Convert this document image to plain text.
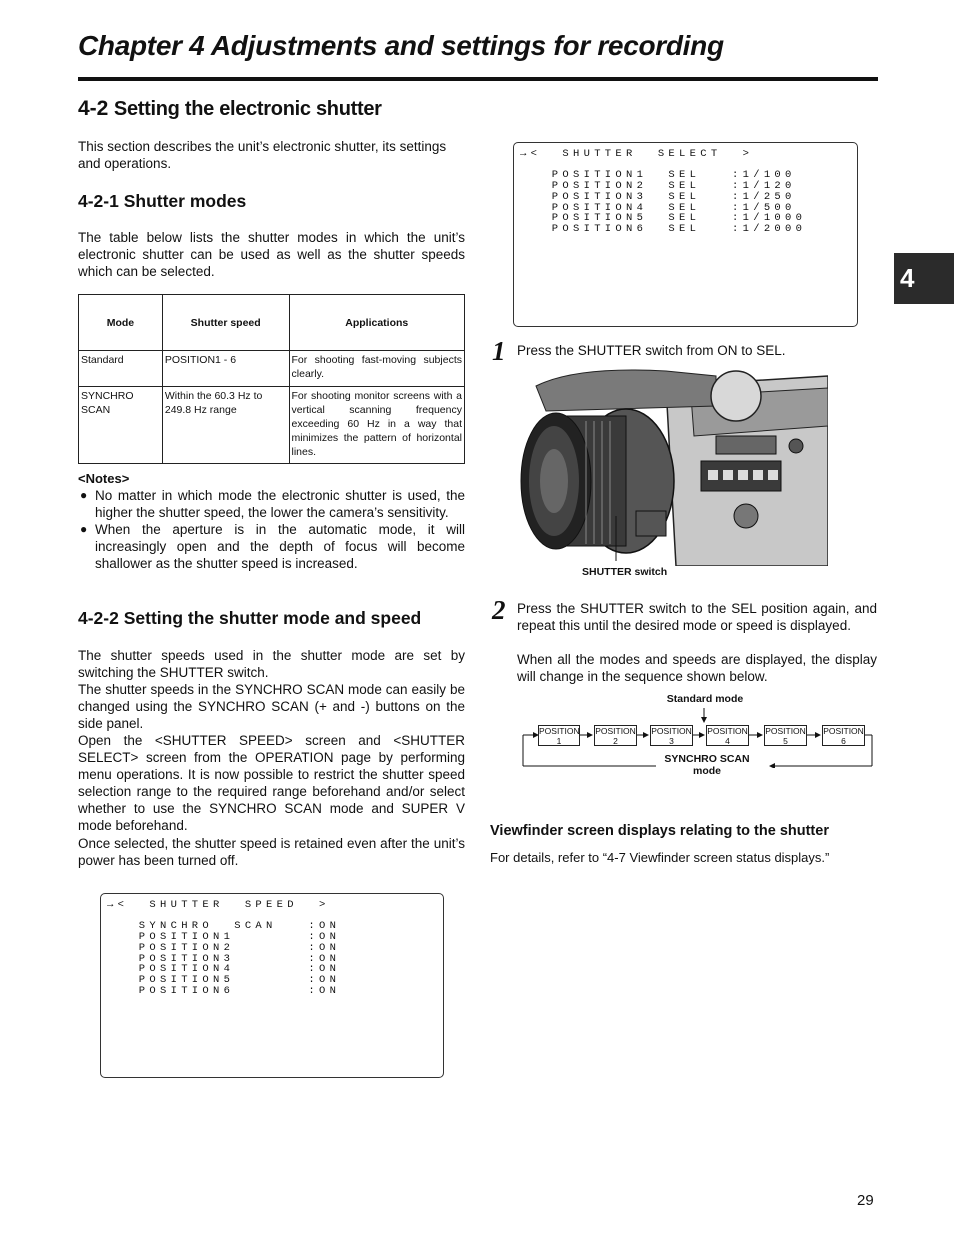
Chapter 4 Adjustments and settings for recording
4
4-2 Setting the electronic shutter
This section describes the unit’s electronic shutter, its settings and operations.
4-2-1 Shutter modes
The table below lists the shutter modes in which the unit’s electronic shutter can be used as well as the shutter speeds which can be selected.
Mode	Shutter speed	Applications
Standard	POSITION1 - 6	For shooting fast-moving subjects clearly.
SYNCHRO SCAN	Within the 60.3 Hz to 249.8 Hz range	For shooting monitor screens with a vertical scanning frequency exceeding 60 Hz in a way that minimizes the pattern of horizontal lines.
<Notes>
● No matter in which mode the electronic shutter is used, the higher the shutter speed, the lower the camera’s sensitivity.
● When the aperture is in the automatic mode, it will increasingly open and the depth of focus will become shallower as the shutter speed is increased.
4-2-2 Setting the shutter mode and speed
The shutter speeds used in the shutter mode are set by switching the SHUTTER switch.
The shutter speeds in the SYNCHRO SCAN mode can easily be changed using the SYNCHRO SCAN (+ and -) buttons on the side panel.
Open the <SHUTTER SPEED> screen and <SHUTTER SELECT> screen from the OPERATION page by performing menu operations. It is now possible to restrict the shutter speed selection range to the required range beforehand and/or select whether to use the SYNCHRO SCAN mode and SUPER V mode beforehand.
Once selected, the shutter speed is retained even after the unit’s power has been turned off.
→<  SHUTTER  SPEED  >

SYNCHRO  SCAN   :ON
POSITION1       :ON
POSITION2       :ON
POSITION3       :ON
POSITION4       :ON
POSITION5       :ON
POSITION6       :ON
→<  SHUTTER  SELECT  >

POSITION1  SEL   :1/100
POSITION2  SEL   :1/120
POSITION3  SEL   :1/250
POSITION4  SEL   :1/500
POSITION5  SEL   :1/1000
POSITION6  SEL   :1/2000
1 Press the SHUTTER switch from ON to SEL.
SHUTTER switch
2 Press the SHUTTER switch to the SEL position again, and repeat this until the desired mode or speed is displayed.
When all the modes and speeds are displayed, the display will change in the sequence shown below.
Standard mode
POSITION
1
POSITION
2
POSITION
3
POSITION
4
POSITION
5
POSITION
6
SYNCHRO SCAN
mode
Viewfinder screen displays relating to the shutter
For details, refer to “4-7 Viewfinder screen status displays.”
29
